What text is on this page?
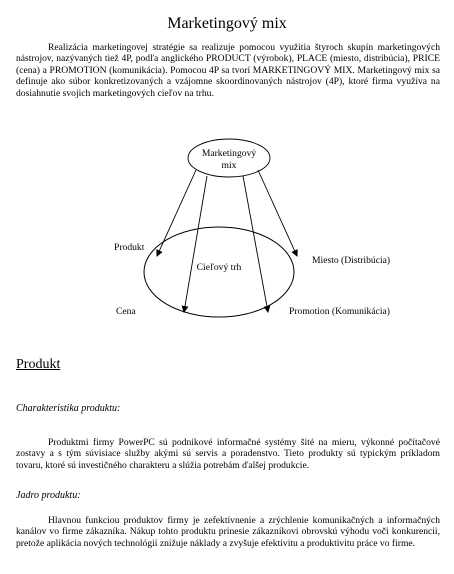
Marketingový mix

Realizácia marketingovej stratégie sa realizuje pomocou využitia štyroch skupín marketingových nástrojov, nazývaných tiež 4P, podľa anglického PRODUCT (výrobok), PLACE (miesto, distribúcia), PRICE (cena) a PROMOTION (komunikácia). Pomocou 4P sa tvorí MARKETINGOVÝ MIX. Marketingový mix sa definuje ako súbor konkretizovaných a vzájomne skoordinovaných nástrojov (4P), ktoré firma využíva na dosiahnutie svojich marketingových cieľov na trhu.

Marketingový
mix
Cieľový trh
Produkt
Miesto (Distribúcia)
Cena	Promotion (Komunikácia)
Produkt
Charakteristika produktu:

Produktmi firmy PowerPC sú podnikové informačné systémy šité na mieru, výkonné počítačové zostavy a s tým súvisiace služby akými sú servis a poradenstvo. Tieto produkty sú typickým príkladom tovaru, ktoré sú investičného charakteru a slúžia potrebám ďalšej produkcie.

Jadro produktu:

Hlavnou funkciou produktov firmy je zefektívnenie a zrýchlenie komunikačných a informačných kanálov vo firme zákazníka. Nákup tohto produktu prinesie zákazníkovi obrovskú výhodu voči konkurencii, pretože aplikácia nových technológií znižuje náklady a zvyšuje efektivitu a produktivitu práce vo firme.
